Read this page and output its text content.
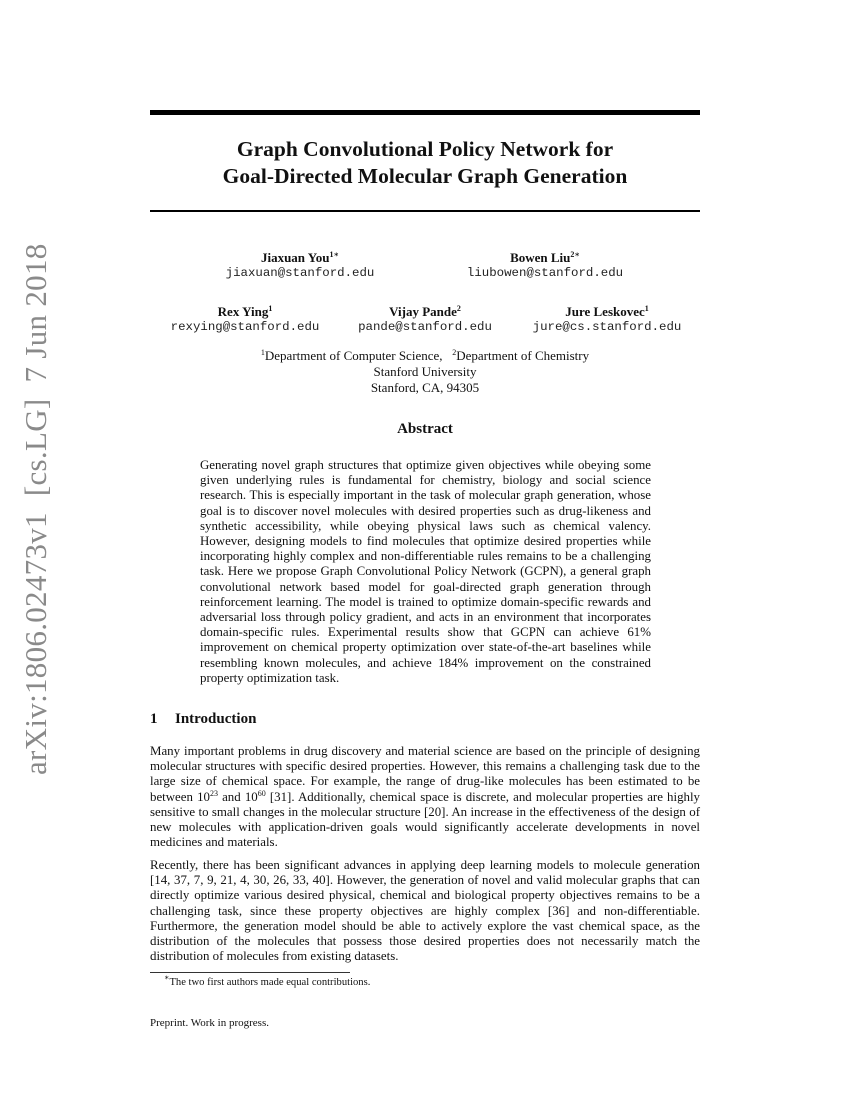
arXiv:1806.02473v1[cs.LG]7 Jun 2018
Graph Convolutional Policy Network for
Goal-Directed Molecular Graph Generation
Jiaxuan You$^{1∗}$
jiaxuan@stanford.edu
Bowen Liu$^{2∗}$
liubowen@stanford.edu
Rex Ying$^1$
rexying@stanford.edu
Vijay Pande$^2$
pande@stanford.edu
Jure Leskovec$^1$
jure@cs.stanford.edu
$^1$Department of Computer Science, $^2$Department of Chemistry
Stanford University
Stanford, CA, 94305
Abstract
Generating novel graph structures that optimize given objectives while obeying some given underlying rules is fundamental for chemistry, biology and social science research. This is especially important in the task of molecular graph generation, whose goal is to discover novel molecules with desired properties such as drug-likeness and synthetic accessibility, while obeying physical laws such as chemical valency. However, designing models to find molecules that optimize desired properties while incorporating highly complex and non-differentiable rules remains to be a challenging task. Here we propose Graph Convolutional Policy Network (GCPN), a general graph convolutional network based model for goal-directed graph generation through reinforcement learning. The model is trained to optimize domain-specific rewards and adversarial loss through policy gradient, and acts in an environment that incorporates domain-specific rules. Experimental results show that GCPN can achieve 61% improvement on chemical property optimization over state-of-the-art baselines while resembling known molecules, and achieve 184% improvement on the constrained property optimization task.
1 Introduction
Many important problems in drug discovery and material science are based on the principle of designing molecular structures with specific desired properties. However, this remains a challenging task due to the large size of chemical space. For example, the range of drug-like molecules has been estimated to be between $10^{23}$ and $10^{60}$ [31]. Additionally, chemical space is discrete, and molecular properties are highly sensitive to small changes in the molecular structure [20]. An increase in the effectiveness of the design of new molecules with application-driven goals would significantly accelerate developments in novel medicines and materials.
Recently, there has been significant advances in applying deep learning models to molecule generation [14, 37, 7, 9, 21, 4, 30, 26, 33, 40]. However, the generation of novel and valid molecular graphs that can directly optimize various desired physical, chemical and biological property objectives remains to be a challenging task, since these property objectives are highly complex [36] and non-differentiable. Furthermore, the generation model should be able to actively explore the vast chemical space, as the distribution of the molecules that possess those desired properties does not necessarily match the distribution of molecules from existing datasets.
∗The two first authors made equal contributions.
Preprint. Work in progress.
